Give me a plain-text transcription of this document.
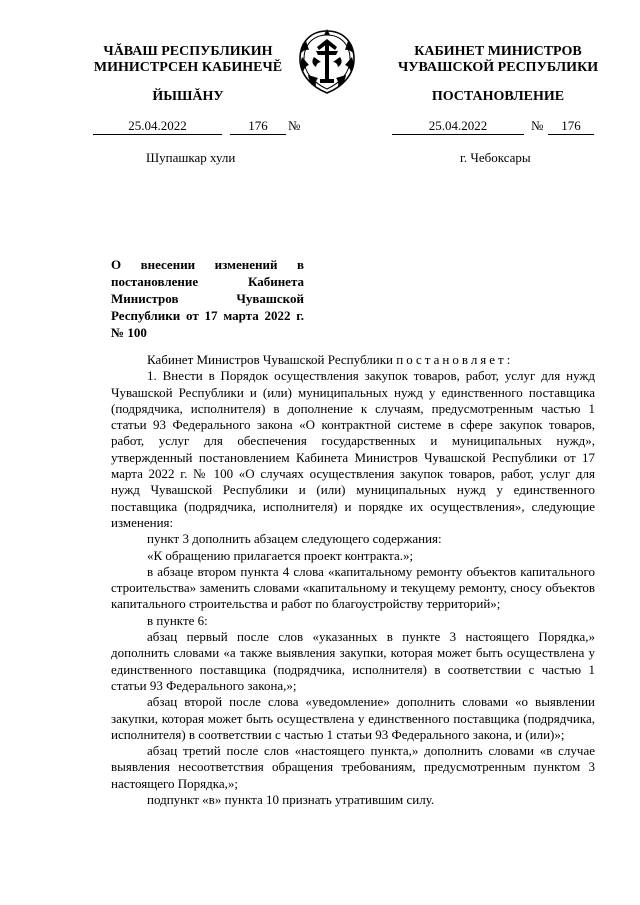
ЧĂВАШ РЕСПУБЛИКИН
МИНИСТРСЕН КАБИНЕЧĔ
ЙЫШĂНУ
25.04.2022	176	№
Шупашкар хули
КАБИНЕТ МИНИСТРОВ
ЧУВАШСКОЙ РЕСПУБЛИКИ
ПОСТАНОВЛЕНИЕ
25.04.2022	№	176
г. Чебоксары
О внесении изменений в постановление Кабинета Министров Чувашской Республики от 17 марта 2022 г. № 100

Кабинет Министров Чувашской Республики постановляет:

1. Внести в Порядок осуществления закупок товаров, работ, услуг для нужд Чувашской Республики и (или) муниципальных нужд у единственного поставщика (подрядчика, исполнителя) в дополнение к случаям, предусмотренным частью 1 статьи 93 Федерального закона «О контрактной системе в сфере закупок товаров, работ, услуг для обеспечения государственных и муниципальных нужд», утвержденный постановлением Кабинета Министров Чувашской Республики от 17 марта 2022 г. № 100 «О случаях осуществления закупок товаров, работ, услуг для нужд Чувашской Республики и (или) муниципальных нужд у единственного поставщика (подрядчика, исполнителя) и порядке их осуществления», следующие изменения:

пункт 3 дополнить абзацем следующего содержания:

«К обращению прилагается проект контракта.»;

в абзаце втором пункта 4 слова «капитальному ремонту объектов капитального строительства» заменить словами «капитальному и текущему ремонту, сносу объектов капитального строительства и работ по благоустройству территорий»;

в пункте 6:

абзац первый после слов «указанных в пункте 3 настоящего Порядка,» дополнить словами «а также выявления закупки, которая может быть осуществлена у единственного поставщика (подрядчика, исполнителя) в соответствии с частью 1 статьи 93 Федерального закона,»;

абзац второй после слова «уведомление» дополнить словами «о выявлении закупки, которая может быть осуществлена у единственного поставщика (подрядчика, исполнителя) в соответствии с частью 1 статьи 93 Федерального закона, и (или)»;

абзац третий после слов «настоящего пункта,» дополнить словами «в случае выявления несоответствия обращения требованиям, предусмотренным пунктом 3 настоящего Порядка,»;

подпункт «в» пункта 10 признать утратившим силу.
